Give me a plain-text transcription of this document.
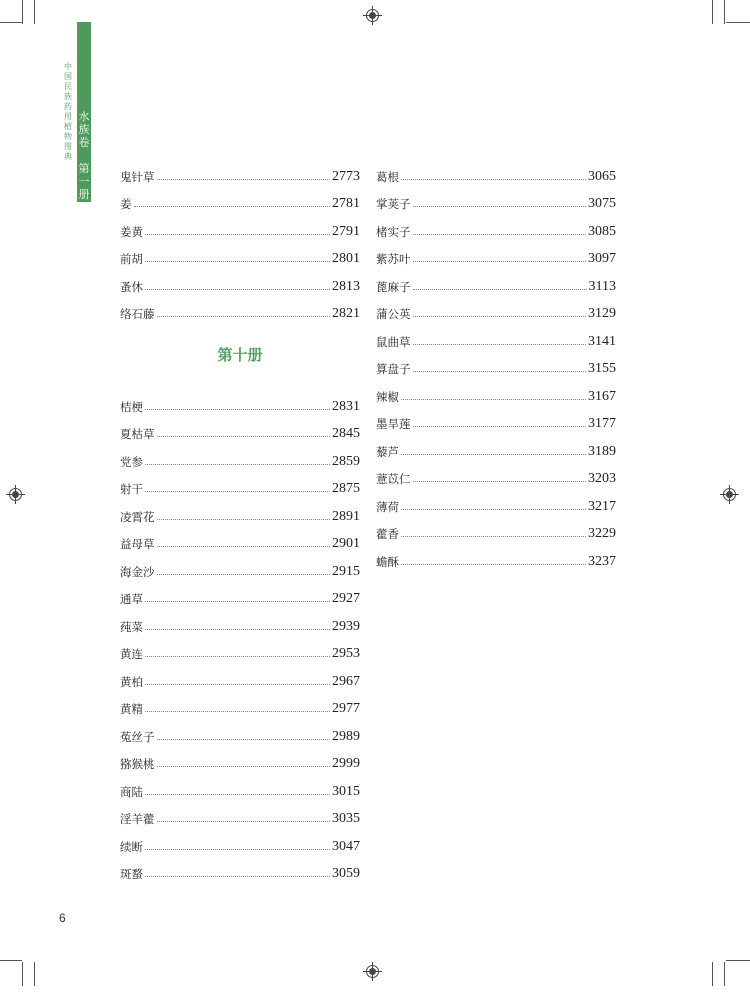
中
国
民
族
药
用
植
物
图
典
水
族
卷
第
一
册
鬼针草	2773
姜	2781
姜黄	2791
前胡	2801
蚤休	2813
络石藤	2821
第十册
桔梗	2831
夏枯草	2845
党参	2859
射干	2875
凌霄花	2891
益母草	2901
海金沙	2915
通草	2927
莼菜	2939
黄连	2953
黄柏	2967
黄精	2977
菟丝子	2989
猕猴桃	2999
商陆	3015
淫羊藿	3035
续断	3047
斑蝥	3059
葛根	3065
掌荚子	3075
楮实子	3085
紫苏叶	3097
蓖麻子	3113
蒲公英	3129
鼠曲草	3141
算盘子	3155
辣椒	3167
墨旱莲	3177
藜芦	3189
薏苡仁	3203
薄荷	3217
藿香	3229
蟾酥	3237
6
